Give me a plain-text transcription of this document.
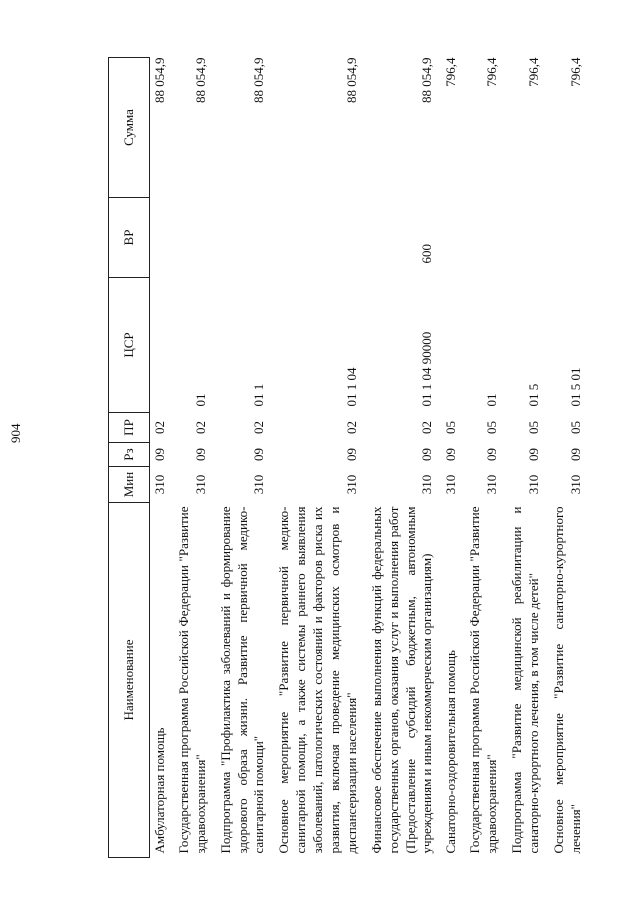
904
Наименование	Мин	Рз	ПР	ЦСР	ВР	Сумма
Амбулаторная помощь	310	09	02			88 054,9
Государственная программа Российской Федерации "Развитие здравоохранения"	310	09	02	01		88 054,9
Подпрограмма "Профилактика заболеваний и формирование здорового образа жизни. Развитие первичной медико-санитарной помощи"	310	09	02	01 1		88 054,9
Основное мероприятие "Развитие первичной медико-санитарной помощи, а также системы раннего выявления заболеваний, патологических состояний и факторов риска их развития, включая проведение медицинских осмотров и диспансеризации населения"	310	09	02	01 1 04		88 054,9
Финансовое обеспечение выполнения функций федеральных государственных органов, оказания услуг и выполнения работ (Предоставление субсидий бюджетным, автономным учреждениям и иным некоммерческим организациям)	310	09	02	01 1 04 90000	600	88 054,9
Санаторно-оздоровительная помощь	310	09	05			796,4
Государственная программа Российской Федерации "Развитие здравоохранения"	310	09	05	01		796,4
Подпрограмма "Развитие медицинской реабилитации и санаторно-курортного лечения, в том числе детей"	310	09	05	01 5		796,4
Основное мероприятие "Развитие санаторно-курортного лечения"	310	09	05	01 5 01		796,4
